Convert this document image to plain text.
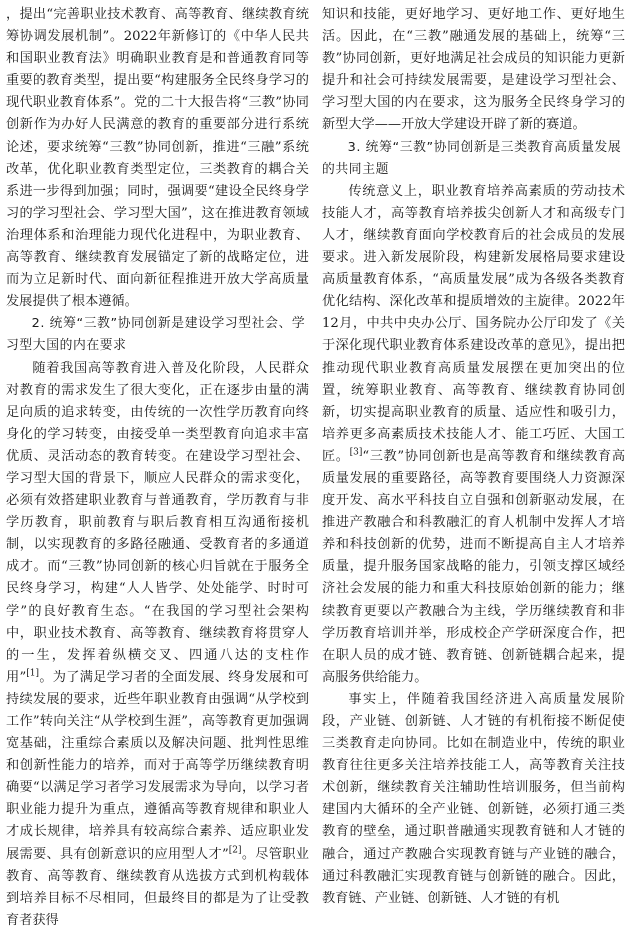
，提出“完善职业技术教育、高等教育、继续教育统筹协调发展机制”。2022年新修订的《中华人民共和国职业教育法》明确职业教育是和普通教育同等重要的教育类型，提出要“构建服务全民终身学习的现代职业教育体系”。党的二十大报告将“三教”协同创新作为办好人民满意的教育的重要部分进行系统论述，要求统筹“三教”协同创新，推进“三融”系统改革，优化职业教育类型定位，三类教育的耦合关系进一步得到加强；同时，强调要“建设全民终身学习的学习型社会、学习型大国”，这在推进教育领域治理体系和治理能力现代化进程中，为职业教育、高等教育、继续教育发展锚定了新的战略定位，进而为立足新时代、面向新征程推进开放大学高质量发展提供了根本遵循。

2. 统筹“三教”协同创新是建设学习型社会、学习型大国的内在要求

随着我国高等教育进入普及化阶段，人民群众对教育的需求发生了很大变化，正在逐步由量的满足向质的追求转变，由传统的一次性学历教育向终身化的学习转变，由接受单一类型教育向追求丰富优质、灵活动态的教育转变。在建设学习型社会、学习型大国的背景下，顺应人民群众的需求变化，必须有效搭建职业教育与普通教育，学历教育与非学历教育，职前教育与职后教育相互沟通衔接机制，以实现教育的多路径融通、受教育者的多通道成才。而“三教”协同创新的核心归旨就在于服务全民终身学习，构建“人人皆学、处处能学、时时可学”的良好教育生态。“在我国的学习型社会架构中，职业技术教育、高等教育、继续教育将贯穿人的一生，发挥着纵横交叉、四通八达的支柱作用”[1]。为了满足学习者的全面发展、终身发展和可持续发展的要求，近些年职业教育由强调“从学校到工作”转向关注“从学校到生涯”，高等教育更加强调宽基础，注重综合素质以及解决问题、批判性思维和创新性能力的培养，而对于高等学历继续教育明确要“以满足学习者学习发展需求为导向，以学习者职业能力提升为重点，遵循高等教育规律和职业人才成长规律，培养具有较高综合素养、适应职业发展需要、具有创新意识的应用型人才”[2]。尽管职业教育、高等教育、继续教育从选拔方式到机构载体到培养目标不尽相同，但最终目的都是为了让受教育者获得

知识和技能，更好地学习、更好地工作、更好地生活。因此，在“三教”融通发展的基础上，统筹“三教”协同创新，更好地满足社会成员的知识能力更新提升和社会可持续发展需要，是建设学习型社会、学习型大国的内在要求，这为服务全民终身学习的新型大学——开放大学建设开辟了新的赛道。

3. 统筹“三教”协同创新是三类教育高质量发展的共同主题

传统意义上，职业教育培养高素质的劳动技术技能人才，高等教育培养拔尖创新人才和高级专门人才，继续教育面向学校教育后的社会成员的发展要求。进入新发展阶段，构建新发展格局要求建设高质量教育体系，“高质量发展”成为各级各类教育优化结构、深化改革和提质增效的主旋律。2022年12月，中共中央办公厅、国务院办公厅印发了《关于深化现代职业教育体系建设改革的意见》，提出把推动现代职业教育高质量发展摆在更加突出的位置，统筹职业教育、高等教育、继续教育协同创新，切实提高职业教育的质量、适应性和吸引力，培养更多高素质技术技能人才、能工巧匠、大国工匠。[3]“三教”协同创新也是高等教育和继续教育高质量发展的重要路径，高等教育要围绕人力资源深度开发、高水平科技自立自强和创新驱动发展，在推进产教融合和科教融汇的育人机制中发挥人才培养和科技创新的优势，进而不断提高自主人才培养质量，提升服务国家战略的能力，引领支撑区域经济社会发展的能力和重大科技原始创新的能力；继续教育更要以产教融合为主线，学历继续教育和非学历教育培训并举，形成校企产学研深度合作，把在职人员的成才链、教育链、创新链耦合起来，提高服务供给能力。

事实上，伴随着我国经济进入高质量发展阶段，产业链、创新链、人才链的有机衔接不断促使三类教育走向协同。比如在制造业中，传统的职业教育往往更多关注培养技能工人，高等教育关注技术创新，继续教育关注辅助性培训服务，但当前构建国内大循环的全产业链、创新链，必须打通三类教育的壁垒，通过职普融通实现教育链和人才链的融合，通过产教融合实现教育链与产业链的融合，通过科教融汇实现教育链与创新链的融合。因此，教育链、产业链、创新链、人才链的有机
